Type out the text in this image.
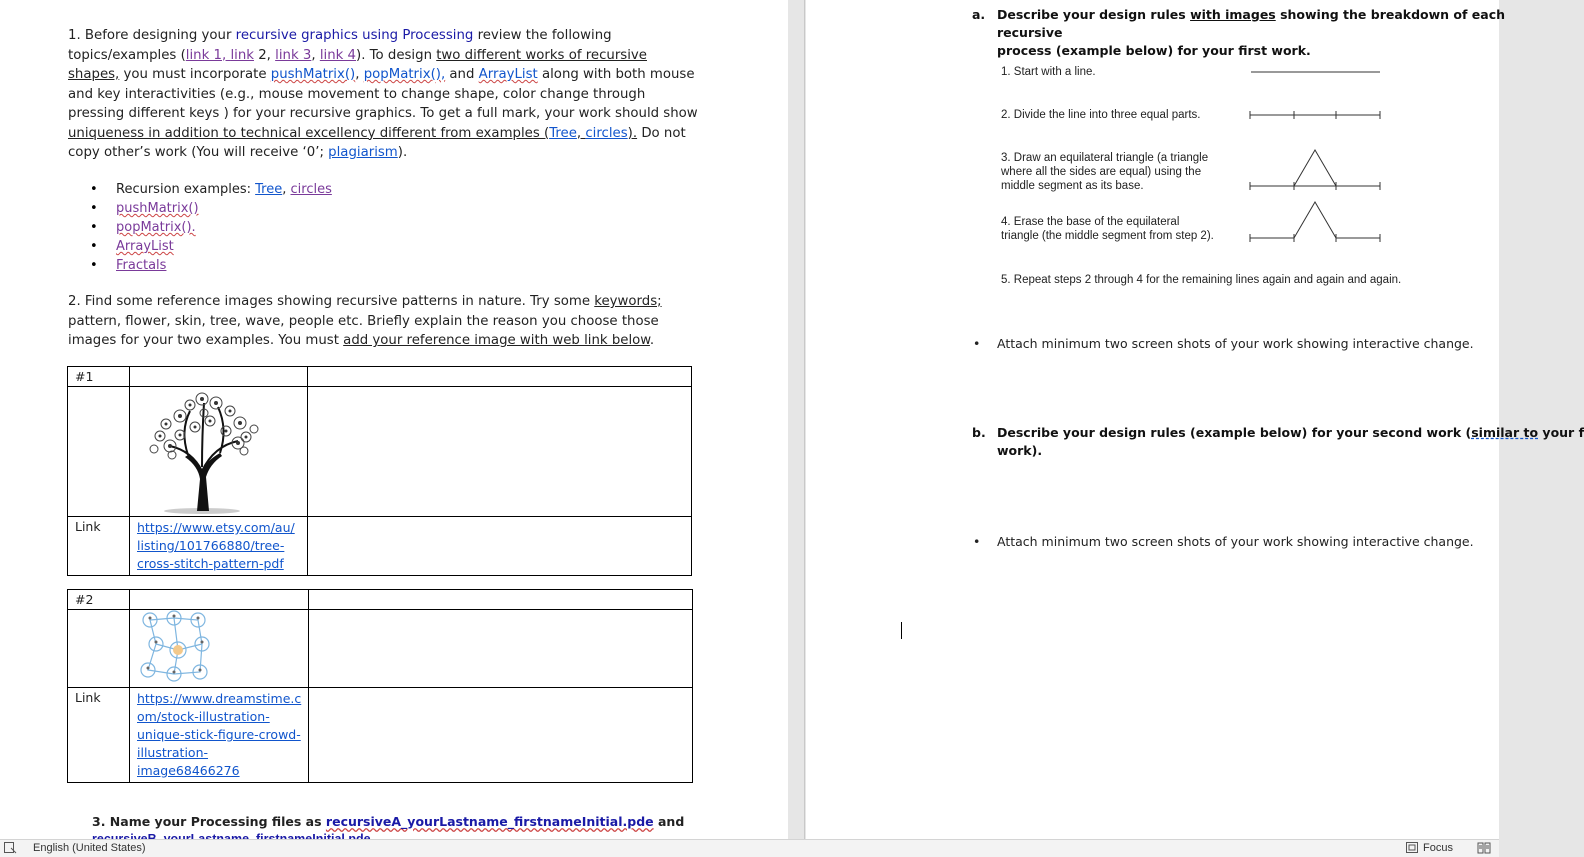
1. Before designing your recursive graphics using Processing review the following topics/examples (link 1, link 2, link 3, link 4). To design two different works of recursive shapes, you must incorporate pushMatrix(), popMatrix(), and ArrayList along with both mouse and key interactivities (e.g., mouse movement to change shape, color change through pressing different keys ) for your recursive graphics. To get a full mark, your work should show uniqueness in addition to technical excellency different from examples (Tree, circles). Do not copy other’s work (You will receive ‘0’; plagiarism).
• Recursion examples: Tree, circles
• pushMatrix()
• popMatrix().
• ArrayList
• Fractals
2. Find some reference images showing recursive patterns in nature. Try some keywords; pattern, flower, skin, tree, wave, people etc. Briefly explain the reason you choose those images for your two examples. You must add your reference image with web link below.
#1		

Link	https://www.etsy.com/au/
listing/101766880/tree-
cross-stitch-pattern-pdf	

#2		

Link	https://www.dreamstime.c
om/stock-illustration-
unique-stick-figure-crowd-
illustration-
image68466276	

3. Name your Processing files as recursiveA_yourLastname_firstnameInitial.pde and
a. Describe your design rules with images showing the breakdown of each recursive
process (example below) for your first work.
1. Start with a line.
2. Divide the line into three equal parts.
3. Draw an equilateral triangle (a triangle
where all the sides are equal) using the
middle segment as its base.
4. Erase the base of the equilateral
triangle (the middle segment from step 2).
5. Repeat steps 2 through 4 for the remaining lines again and again and again.
• Attach minimum two screen shots of your work showing interactive change.
b. Describe your design rules (example below) for your second work (similar to your f
work).
• Attach minimum two screen shots of your work showing interactive change.
English (United States)	Focus
